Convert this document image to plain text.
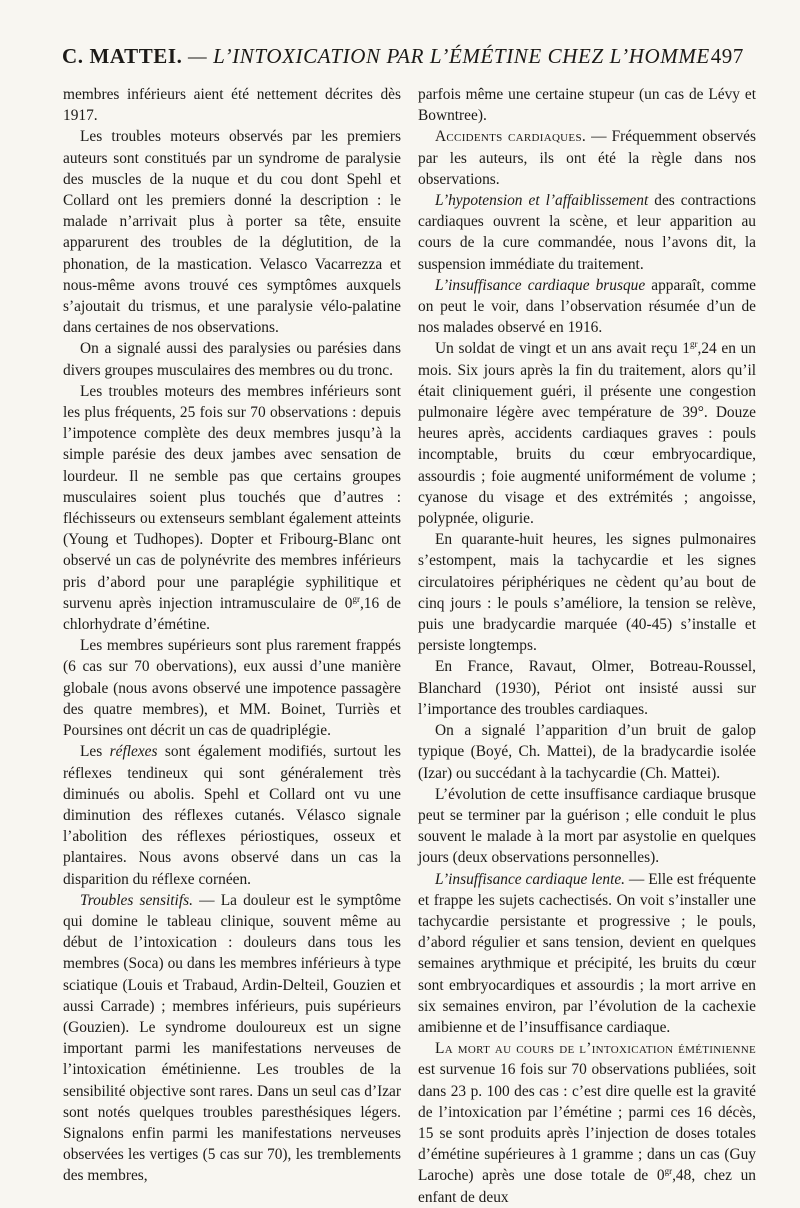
C. MATTEI. — L’INTOXICATION PAR L’ÉMÉTINE CHEZ L’HOMME 497

membres inférieurs aient été nettement décrites dès 1917.

Les troubles moteurs observés par les premiers auteurs sont constitués par un syndrome de paralysie des muscles de la nuque et du cou dont Spehl et Collard ont les premiers donné la description : le malade n’arrivait plus à porter sa tête, ensuite apparurent des troubles de la déglutition, de la phonation, de la mastication. Velasco Vacarrezza et nous-même avons trouvé ces symptômes auxquels s’ajoutait du trismus, et une paralysie vélo-palatine dans certaines de nos observations.

On a signalé aussi des paralysies ou parésies dans divers groupes musculaires des membres ou du tronc.

Les troubles moteurs des membres inférieurs sont les plus fréquents, 25 fois sur 70 observations : depuis l’impotence complète des deux membres jusqu’à la simple parésie des deux jambes avec sensation de lourdeur. Il ne semble pas que certains groupes musculaires soient plus touchés que d’autres : fléchisseurs ou extenseurs semblant également atteints (Young et Tudhopes). Dopter et Fribourg-Blanc ont observé un cas de polynévrite des membres inférieurs pris d’abord pour une paraplégie syphilitique et survenu après injection intramusculaire de $0^{gr},16$ de chlorhydrate d’émétine.

Les membres supérieurs sont plus rarement frappés (6 cas sur 70 obervations), eux aussi d’une manière globale (nous avons observé une impotence passagère des quatre membres), et MM. Boinet, Turriès et Poursines ont décrit un cas de quadriplégie.

Les réflexes sont également modifiés, surtout les réflexes tendineux qui sont généralement très diminués ou abolis. Spehl et Collard ont vu une diminution des réflexes cutanés. Vélasco signale l’abolition des réflexes périostiques, osseux et plantaires. Nous avons observé dans un cas la disparition du réflexe cornéen.

Troubles sensitifs. — La douleur est le symptôme qui domine le tableau clinique, souvent même au début de l’intoxication : douleurs dans tous les membres (Soca) ou dans les membres inférieurs à type sciatique (Louis et Trabaud, Ardin-Delteil, Gouzien et aussi Carrade) ; membres inférieurs, puis supérieurs (Gouzien). Le syndrome douloureux est un signe important parmi les manifestations nerveuses de l’intoxication émétinienne. Les troubles de la sensibilité objective sont rares. Dans un seul cas d’Izar sont notés quelques troubles paresthésiques légers. Signalons enfin parmi les manifestations nerveuses observées les vertiges (5 cas sur 70), les tremblements des membres,

parfois même une certaine stupeur (un cas de Lévy et Bowntree).

Accidents cardiaques. — Fréquemment observés par les auteurs, ils ont été la règle dans nos observations.

L’hypotension et l’affaiblissement des contractions cardiaques ouvrent la scène, et leur apparition au cours de la cure commandée, nous l’avons dit, la suspension immédiate du traitement.

L’insuffisance cardiaque brusque apparaît, comme on peut le voir, dans l’observation résumée d’un de nos malades observé en 1916.

Un soldat de vingt et un ans avait reçu $1^{gr},24$ en un mois. Six jours après la fin du traitement, alors qu’il était cliniquement guéri, il présente une congestion pulmonaire légère avec température de 39°. Douze heures après, accidents cardiaques graves : pouls incomptable, bruits du cœur embryocardique, assourdis ; foie augmenté uniformément de volume ; cyanose du visage et des extrémités ; angoisse, polypnée, oligurie.

En quarante-huit heures, les signes pulmonaires s’estompent, mais la tachycardie et les signes circulatoires périphériques ne cèdent qu’au bout de cinq jours : le pouls s’améliore, la tension se relève, puis une bradycardie marquée (40-45) s’installe et persiste longtemps.

En France, Ravaut, Olmer, Botreau-Roussel, Blanchard (1930), Périot ont insisté aussi sur l’importance des troubles cardiaques.

On a signalé l’apparition d’un bruit de galop typique (Boyé, Ch. Mattei), de la bradycardie isolée (Izar) ou succédant à la tachycardie (Ch. Mattei).

L’évolution de cette insuffisance cardiaque brusque peut se terminer par la guérison ; elle conduit le plus souvent le malade à la mort par asystolie en quelques jours (deux observations personnelles).

L’insuffisance cardiaque lente. — Elle est fréquente et frappe les sujets cachectisés. On voit s’installer une tachycardie persistante et progressive ; le pouls, d’abord régulier et sans tension, devient en quelques semaines arythmique et précipité, les bruits du cœur sont embryocardiques et assourdis ; la mort arrive en six semaines environ, par l’évolution de la cachexie amibienne et de l’insuffisance cardiaque.

La mort au cours de l’intoxication émétinienne est survenue 16 fois sur 70 observations publiées, soit dans 23 p. 100 des cas : c’est dire quelle est la gravité de l’intoxication par l’émétine ; parmi ces 16 décès, 15 se sont produits après l’injection de doses totales d’émétine supérieures à 1 gramme ; dans un cas (Guy Laroche) après une dose totale de $0^{gr},48$, chez un enfant de deux
